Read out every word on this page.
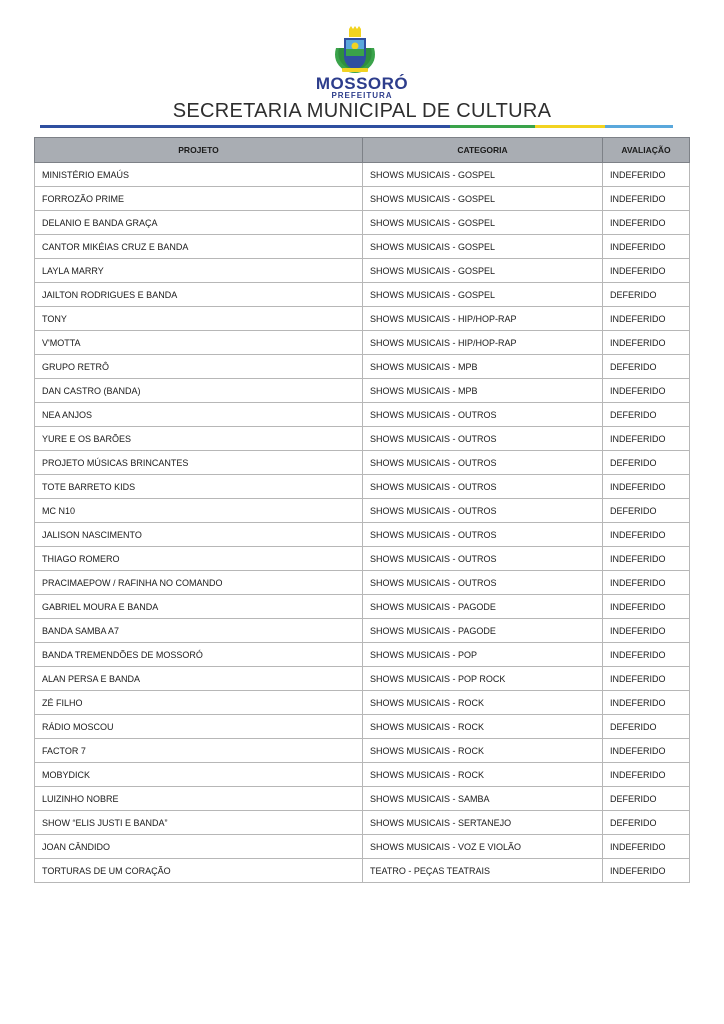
MOSSORÓ
PREFEITURA
SECRETARIA MUNICIPAL DE CULTURA
PROJETO	CATEGORIA	AVALIAÇÃO
MINISTÉRIO EMAÚS	SHOWS MUSICAIS - GOSPEL	INDEFERIDO
FORROZÃO PRIME	SHOWS MUSICAIS - GOSPEL	INDEFERIDO
DELANIO E BANDA GRAÇA	SHOWS MUSICAIS - GOSPEL	INDEFERIDO
CANTOR MIKÉIAS CRUZ E BANDA	SHOWS MUSICAIS - GOSPEL	INDEFERIDO
LAYLA MARRY	SHOWS MUSICAIS - GOSPEL	INDEFERIDO
JAILTON RODRIGUES E BANDA	SHOWS MUSICAIS - GOSPEL	DEFERIDO
TONY	SHOWS MUSICAIS - HIP/HOP-RAP	INDEFERIDO
V'MOTTA	SHOWS MUSICAIS - HIP/HOP-RAP	INDEFERIDO
GRUPO RETRÔ	SHOWS MUSICAIS - MPB	DEFERIDO
DAN CASTRO (BANDA)	SHOWS MUSICAIS - MPB	INDEFERIDO
NEA ANJOS	SHOWS MUSICAIS - OUTROS	DEFERIDO
YURE E OS BARÕES	SHOWS MUSICAIS - OUTROS	INDEFERIDO
PROJETO MÚSICAS BRINCANTES	SHOWS MUSICAIS - OUTROS	DEFERIDO
TOTE BARRETO KIDS	SHOWS MUSICAIS - OUTROS	INDEFERIDO
MC N10	SHOWS MUSICAIS - OUTROS	DEFERIDO
JALISON NASCIMENTO	SHOWS MUSICAIS - OUTROS	INDEFERIDO
THIAGO ROMERO	SHOWS MUSICAIS - OUTROS	INDEFERIDO
PRACIMAEPOW / RAFINHA NO COMANDO	SHOWS MUSICAIS - OUTROS	INDEFERIDO
GABRIEL MOURA E BANDA	SHOWS MUSICAIS - PAGODE	INDEFERIDO
BANDA SAMBA A7	SHOWS MUSICAIS - PAGODE	INDEFERIDO
BANDA TREMENDÕES DE MOSSORÓ	SHOWS MUSICAIS - POP	INDEFERIDO
ALAN PERSA E BANDA	SHOWS MUSICAIS - POP ROCK	INDEFERIDO
ZÉ FILHO	SHOWS MUSICAIS - ROCK	INDEFERIDO
RÁDIO MOSCOU	SHOWS MUSICAIS - ROCK	DEFERIDO
FACTOR 7	SHOWS MUSICAIS - ROCK	INDEFERIDO
MOBYDICK	SHOWS MUSICAIS - ROCK	INDEFERIDO
LUIZINHO NOBRE	SHOWS MUSICAIS - SAMBA	DEFERIDO
SHOW “ELIS JUSTI E BANDA”	SHOWS MUSICAIS - SERTANEJO	DEFERIDO
JOAN CÂNDIDO	SHOWS MUSICAIS - VOZ E VIOLÃO	INDEFERIDO
TORTURAS DE UM CORAÇÃO	TEATRO - PEÇAS TEATRAIS	INDEFERIDO
